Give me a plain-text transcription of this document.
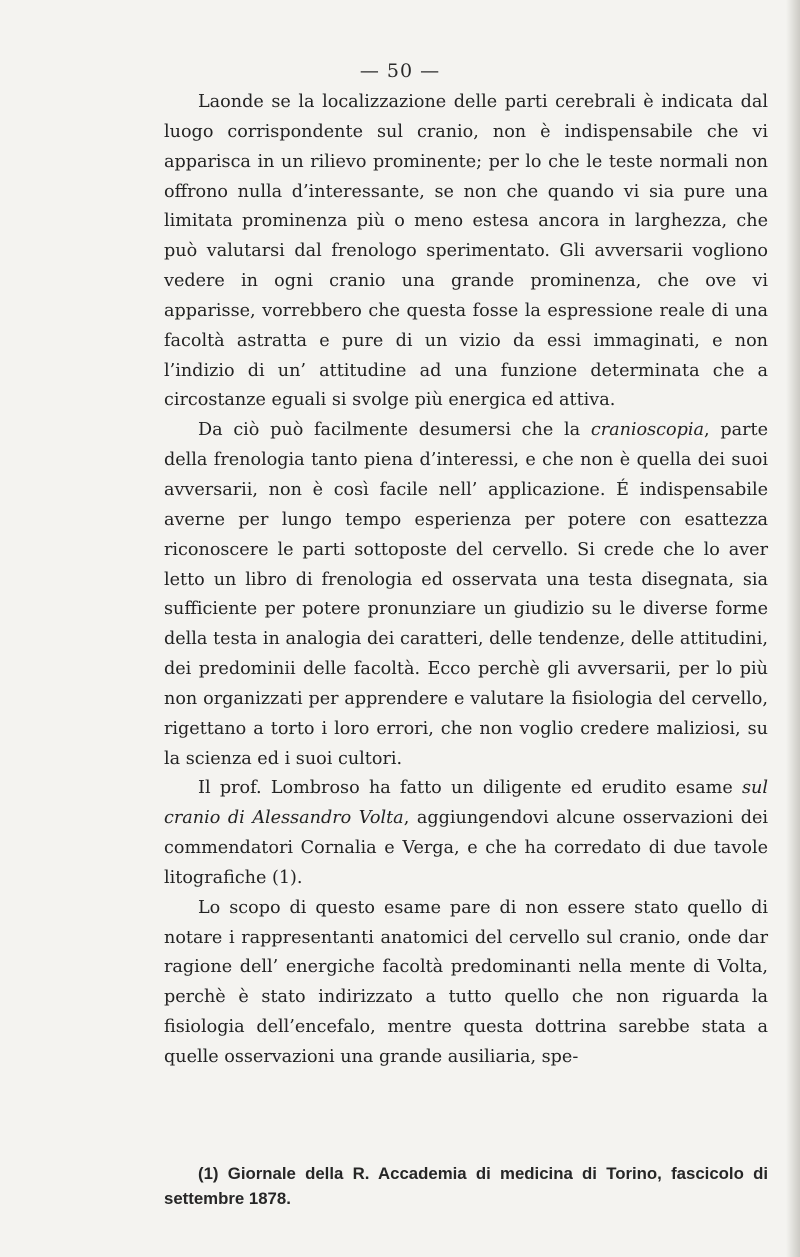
— 50 —

Laonde se la localizzazione delle parti cerebrali è indicata dal luogo corrispondente sul cranio, non è indispensabile che vi apparisca in un rilievo prominente; per lo che le teste normali non offrono nulla d’interessante, se non che quando vi sia pure una limitata prominenza più o meno estesa ancora in larghezza, che può valutarsi dal frenologo sperimentato. Gli avversarii vogliono vedere in ogni cranio una grande prominenza, che ove vi apparisse, vorrebbero che questa fosse la espressione reale di una facoltà astratta e pure di un vizio da essi immaginati, e non l’indizio di un’ attitudine ad una funzione determinata che a circostanze eguali si svolge più energica ed attiva.

Da ciò può facilmente desumersi che la cranioscopia, parte della frenologia tanto piena d’interessi, e che non è quella dei suoi avversarii, non è così facile nell’ applicazione. É indispensabile averne per lungo tempo esperienza per potere con esattezza riconoscere le parti sottoposte del cervello. Si crede che lo aver letto un libro di frenologia ed osservata una testa disegnata, sia sufficiente per potere pronunziare un giudizio su le diverse forme della testa in analogia dei caratteri, delle tendenze, delle attitudini, dei predominii delle facoltà. Ecco perchè gli avversarii, per lo più non organizzati per apprendere e valutare la fisiologia del cervello, rigettano a torto i loro errori, che non voglio credere maliziosi, su la scienza ed i suoi cultori.

Il prof. Lombroso ha fatto un diligente ed erudito esame sul cranio di Alessandro Volta, aggiungendovi alcune osservazioni dei commendatori Cornalia e Verga, e che ha corredato di due tavole litografiche (1).

Lo scopo di questo esame pare di non essere stato quello di notare i rappresentanti anatomici del cervello sul cranio, onde dar ragione dell’ energiche facoltà predominanti nella mente di Volta, perchè è stato indirizzato a tutto quello che non riguarda la fisiologia dell’encefalo, mentre questa dottrina sarebbe stata a quelle osservazioni una grande ausiliaria, spe-

(1) Giornale della R. Accademia di medicina di Torino, fascicolo di settembre 1878.
